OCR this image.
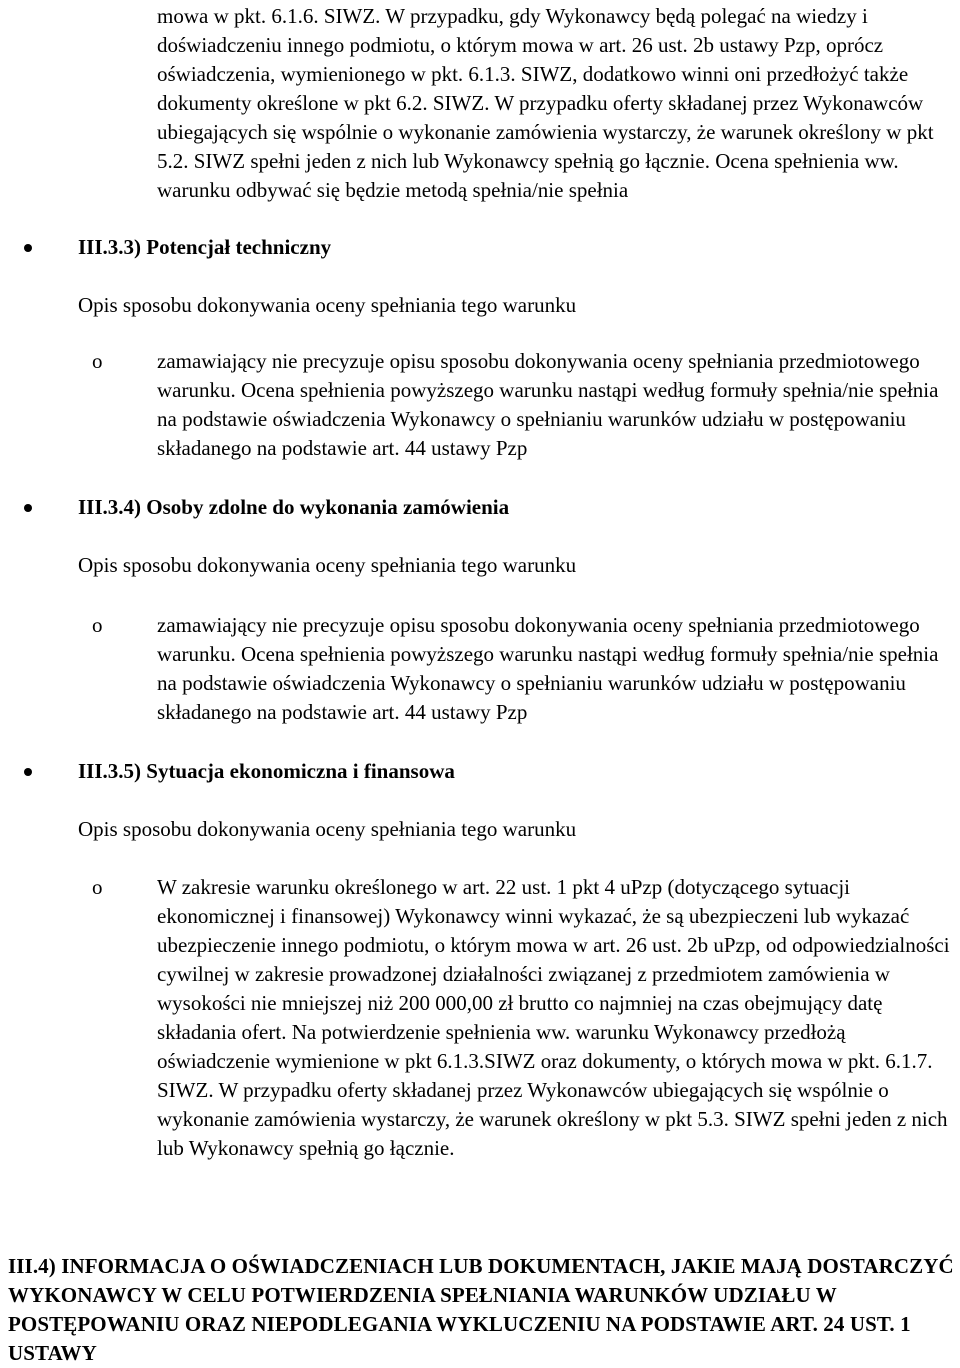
mowa w pkt. 6.1.6. SIWZ. W przypadku, gdy Wykonawcy będą polegać na wiedzy i doświadczeniu innego podmiotu, o którym mowa w art. 26 ust. 2b ustawy Pzp, oprócz oświadczenia, wymienionego w pkt. 6.1.3. SIWZ, dodatkowo winni oni przedłożyć także dokumenty określone w pkt 6.2. SIWZ. W przypadku oferty składanej przez Wykonawców ubiegających się wspólnie o wykonanie zamówienia wystarczy, że warunek określony w pkt 5.2. SIWZ spełni jeden z nich lub Wykonawcy spełnią go łącznie. Ocena spełnienia ww. warunku odbywać się będzie metodą spełnia/nie spełnia

III.3.3) Potencjał techniczny
Opis sposobu dokonywania oceny spełniania tego warunku
o	zamawiający nie precyzuje opisu sposobu dokonywania oceny spełniania przedmiotowego warunku. Ocena spełnienia powyższego warunku nastąpi według formuły spełnia/nie spełnia na podstawie oświadczenia Wykonawcy o spełnianiu warunków udziału w postępowaniu składanego na podstawie art. 44 ustawy Pzp
III.3.4) Osoby zdolne do wykonania zamówienia
Opis sposobu dokonywania oceny spełniania tego warunku
o	zamawiający nie precyzuje opisu sposobu dokonywania oceny spełniania przedmiotowego warunku. Ocena spełnienia powyższego warunku nastąpi według formuły spełnia/nie spełnia na podstawie oświadczenia Wykonawcy o spełnianiu warunków udziału w postępowaniu składanego na podstawie art. 44 ustawy Pzp
III.3.5) Sytuacja ekonomiczna i finansowa
Opis sposobu dokonywania oceny spełniania tego warunku
o	W zakresie warunku określonego w art. 22 ust. 1 pkt 4 uPzp (dotyczącego sytuacji ekonomicznej i finansowej) Wykonawcy winni wykazać, że są ubezpieczeni lub wykazać ubezpieczenie innego podmiotu, o którym mowa w art. 26 ust. 2b uPzp, od odpowiedzialności cywilnej w zakresie prowadzonej działalności związanej z przedmiotem zamówienia w wysokości nie mniejszej niż 200 000,00 zł brutto co najmniej na czas obejmujący datę składania ofert. Na potwierdzenie spełnienia ww. warunku Wykonawcy przedłożą oświadczenie wymienione w pkt 6.1.3.SIWZ oraz dokumenty, o których mowa w pkt. 6.1.7. SIWZ. W przypadku oferty składanej przez Wykonawców ubiegających się wspólnie o wykonanie zamówienia wystarczy, że warunek określony w pkt 5.3. SIWZ spełni jeden z nich lub Wykonawcy spełnią go łącznie.
III.4) INFORMACJA O OŚWIADCZENIACH LUB DOKUMENTACH, JAKIE MAJĄ DOSTARCZYĆ WYKONAWCY W CELU POTWIERDZENIA SPEŁNIANIA WARUNKÓW UDZIAŁU W POSTĘPOWANIU ORAZ NIEPODLEGANIA WYKLUCZENIU NA PODSTAWIE ART. 24 UST. 1 USTAWY
